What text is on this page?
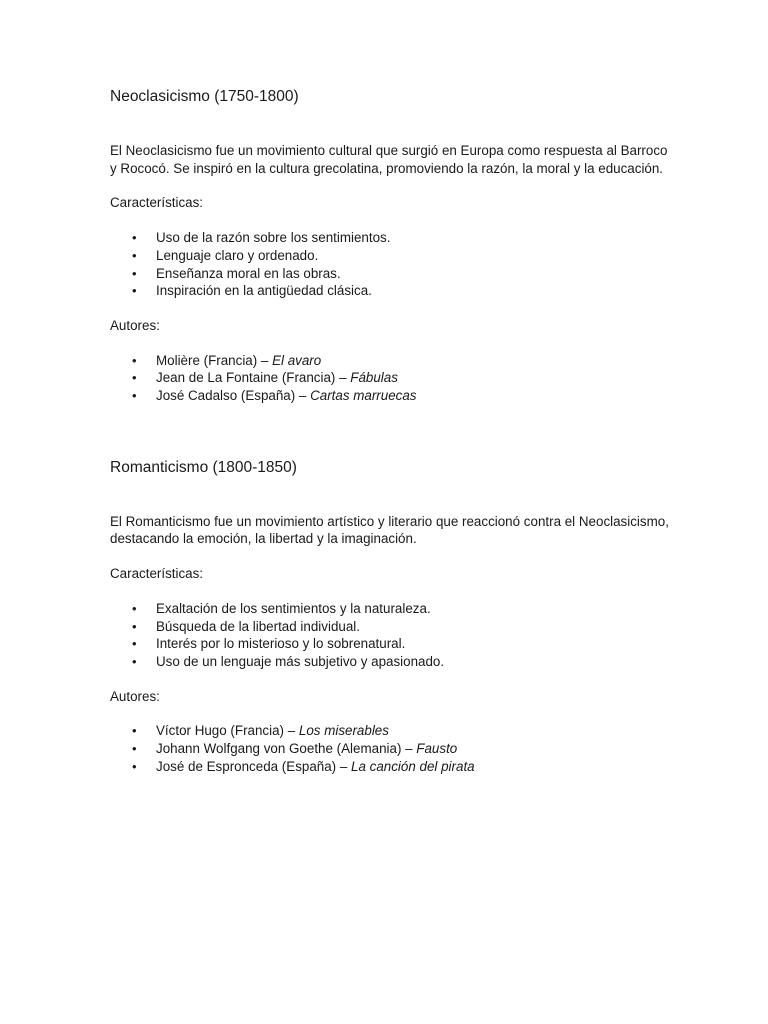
Neoclasicismo (1750-1800)

El Neoclasicismo fue un movimiento cultural que surgió en Europa como respuesta al Barroco y Rococó. Se inspiró en la cultura grecolatina, promoviendo la razón, la moral y la educación.

Características:

• Uso de la razón sobre los sentimientos.
• Lenguaje claro y ordenado.
• Enseñanza moral en las obras.
• Inspiración en la antigüedad clásica.

Autores:

• Molière (Francia) – El avaro
• Jean de La Fontaine (Francia) – Fábulas
• José Cadalso (España) – Cartas marruecas
Romanticismo (1800-1850)

El Romanticismo fue un movimiento artístico y literario que reaccionó contra el Neoclasicismo, destacando la emoción, la libertad y la imaginación.

Características:

• Exaltación de los sentimientos y la naturaleza.
• Búsqueda de la libertad individual.
• Interés por lo misterioso y lo sobrenatural.
• Uso de un lenguaje más subjetivo y apasionado.

Autores:

• Víctor Hugo (Francia) – Los miserables
• Johann Wolfgang von Goethe (Alemania) – Fausto
• José de Espronceda (España) – La canción del pirata
